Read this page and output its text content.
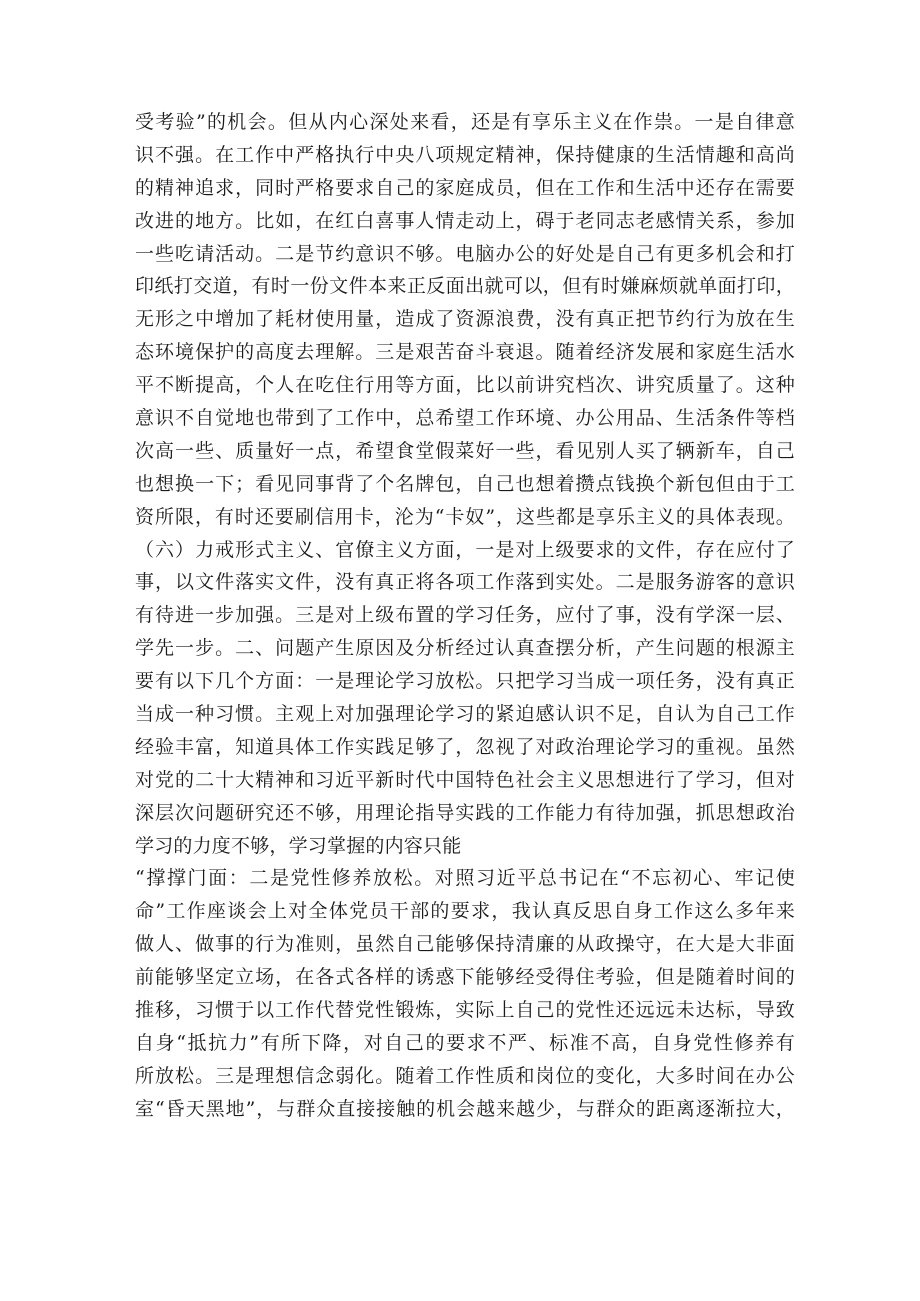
受考验”的机会。但从内心深处来看，还是有享乐主义在作祟。一是自律意
识不强。在工作中严格执行中央八项规定精神，保持健康的生活情趣和高尚
的精神追求，同时严格要求自己的家庭成员，但在工作和生活中还存在需要
改进的地方。比如，在红白喜事人情走动上，碍于老同志老感情关系，参加
一些吃请活动。二是节约意识不够。电脑办公的好处是自己有更多机会和打
印纸打交道，有时一份文件本来正反面出就可以，但有时嫌麻烦就单面打印，
无形之中增加了耗材使用量，造成了资源浪费，没有真正把节约行为放在生
态环境保护的高度去理解。三是艰苦奋斗衰退。随着经济发展和家庭生活水
平不断提高，个人在吃住行用等方面，比以前讲究档次、讲究质量了。这种
意识不自觉地也带到了工作中，总希望工作环境、办公用品、生活条件等档
次高一些、质量好一点，希望食堂假菜好一些，看见别人买了辆新车，自己
也想换一下；看见同事背了个名牌包，自己也想着攒点钱换个新包但由于工
资所限，有时还要刷信用卡，沦为“卡奴”，这些都是享乐主义的具体表现。
（六）力戒形式主义、官僚主义方面，一是对上级要求的文件，存在应付了
事，以文件落实文件，没有真正将各项工作落到实处。二是服务游客的意识
有待进一步加强。三是对上级布置的学习任务，应付了事，没有学深一层、
学先一步。二、问题产生原因及分析经过认真查摆分析，产生问题的根源主
要有以下几个方面：一是理论学习放松。只把学习当成一项任务，没有真正
当成一种习惯。主观上对加强理论学习的紧迫感认识不足，自认为自己工作
经验丰富，知道具体工作实践足够了，忽视了对政治理论学习的重视。虽然
对党的二十大精神和习近平新时代中国特色社会主义思想进行了学习，但对
深层次问题研究还不够，用理论指导实践的工作能力有待加强，抓思想政治
学习的力度不够，学习掌握的内容只能
“撑撑门面：二是党性修养放松。对照习近平总书记在“不忘初心、牢记使
命”工作座谈会上对全体党员干部的要求，我认真反思自身工作这么多年来
做人、做事的行为准则，虽然自己能够保持清廉的从政操守，在大是大非面
前能够坚定立场，在各式各样的诱惑下能够经受得住考验，但是随着时间的
推移，习惯于以工作代替党性锻炼，实际上自己的党性还远远未达标，导致
自身“抵抗力”有所下降，对自己的要求不严、标准不高，自身党性修养有
所放松。三是理想信念弱化。随着工作性质和岗位的变化，大多时间在办公
室“昏天黑地”，与群众直接接触的机会越来越少，与群众的距离逐渐拉大，
